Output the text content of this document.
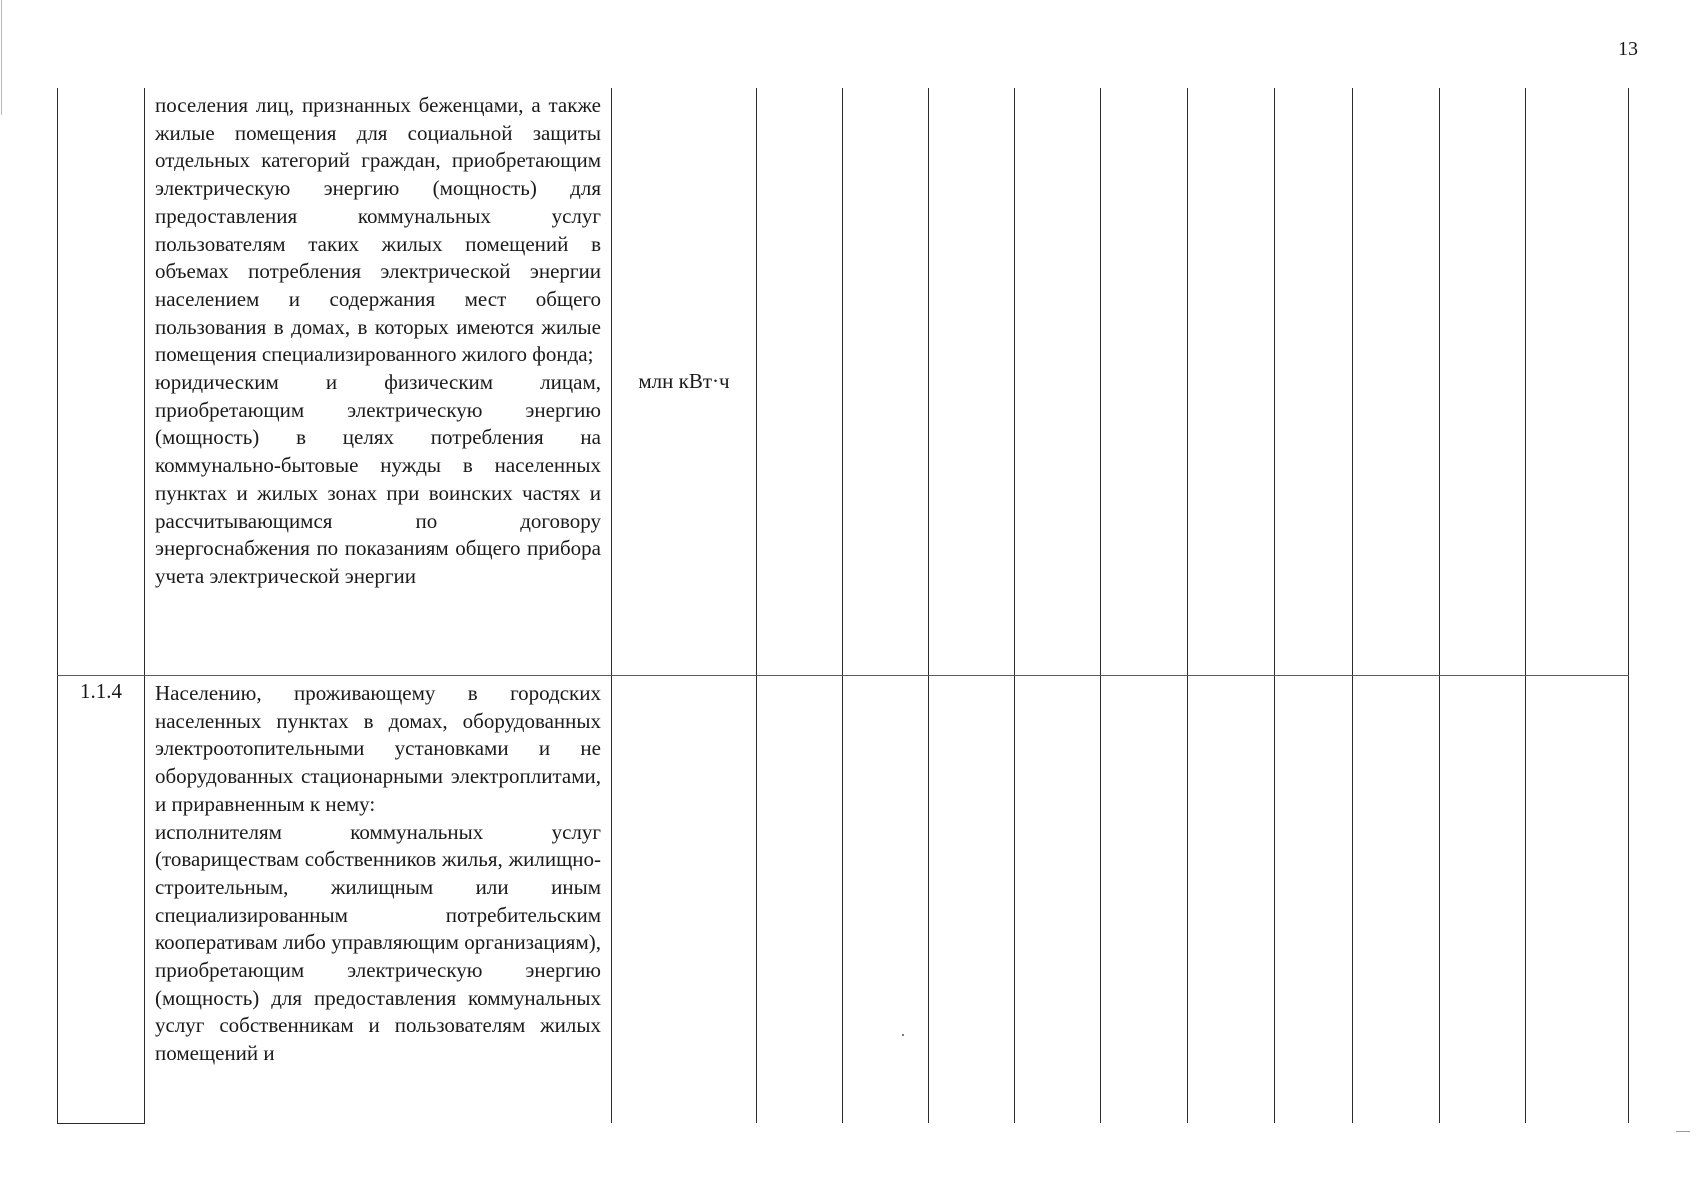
13

	поселения лиц, признанных беженцами, а также жилые помещения для социальной защиты отдельных категорий граждан, приобретающим электрическую энергию (мощность) для предоставления коммунальных услуг пользователям таких жилых помещений в объемах потребления электрической энергии населением и содержания мест общего пользования в домах, в которых имеются жилые помещения специализированного жилого фонда;
юридическим и физическим лицам, приобретающим электрическую энергию (мощность) в целях потребления на коммунально-бытовые нужды в населенных пунктах и жилых зонах при воинских частях и рассчитывающимся по договору энергоснабжения по показаниям общего прибора учета электрической энергии	млн кВт·ч										
1.1.4	Населению, проживающему в городских населенных пунктах в домах, оборудованных электроотопительными установками и не оборудованных стационарными электроплитами, и приравненным к нему:
исполнителям коммунальных услуг (товариществам собственников жилья, жилищно-строительным, жилищным или иным специализированным потребительским кооперативам либо управляющим организациям), приобретающим электрическую энергию (мощность) для предоставления коммунальных услуг собственникам и пользователям жилых помещений и											
